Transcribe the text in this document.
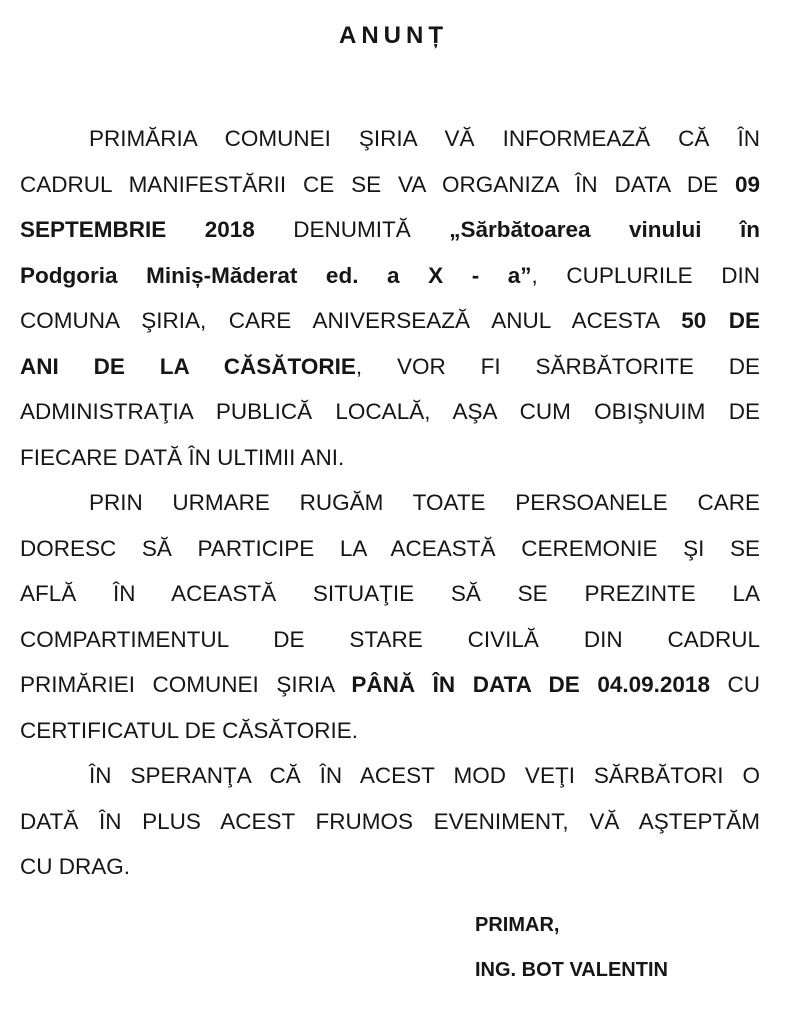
ANUNȚ
PRIMĂRIA COMUNEI ŞIRIA VĂ INFORMEAZĂ CĂ ÎN
CADRUL MANIFESTĂRII CE SE VA ORGANIZA ÎN DATA DE 09
SEPTEMBRIE 2018 DENUMITĂ „Sărbătoarea vinului în
Podgoria Miniș-Măderat ed. a X - a”, CUPLURILE DIN
COMUNA ŞIRIA, CARE ANIVERSEAZĂ ANUL ACESTA 50 DE
ANI DE LA CĂSĂTORIE, VOR FI SĂRBĂTORITE DE
ADMINISTRAŢIA PUBLICĂ LOCALĂ, AŞA CUM OBIŞNUIM DE
FIECARE DATĂ ÎN ULTIMII ANI.
PRIN URMARE RUGĂM TOATE PERSOANELE CARE
DORESC SĂ PARTICIPE LA ACEASTĂ CEREMONIE ŞI SE
AFLĂ ÎN ACEASTĂ SITUAŢIE SĂ SE PREZINTE LA
COMPARTIMENTUL DE STARE CIVILĂ DIN CADRUL
PRIMĂRIEI COMUNEI ŞIRIA PÂNĂ ÎN DATA DE 04.09.2018 CU
CERTIFICATUL DE CĂSĂTORIE.
ÎN SPERANŢA CĂ ÎN ACEST MOD VEŢI SĂRBĂTORI O
DATĂ ÎN PLUS ACEST FRUMOS EVENIMENT, VĂ AŞTEPTĂM
CU DRAG.
PRIMAR,
ING. BOT VALENTIN
